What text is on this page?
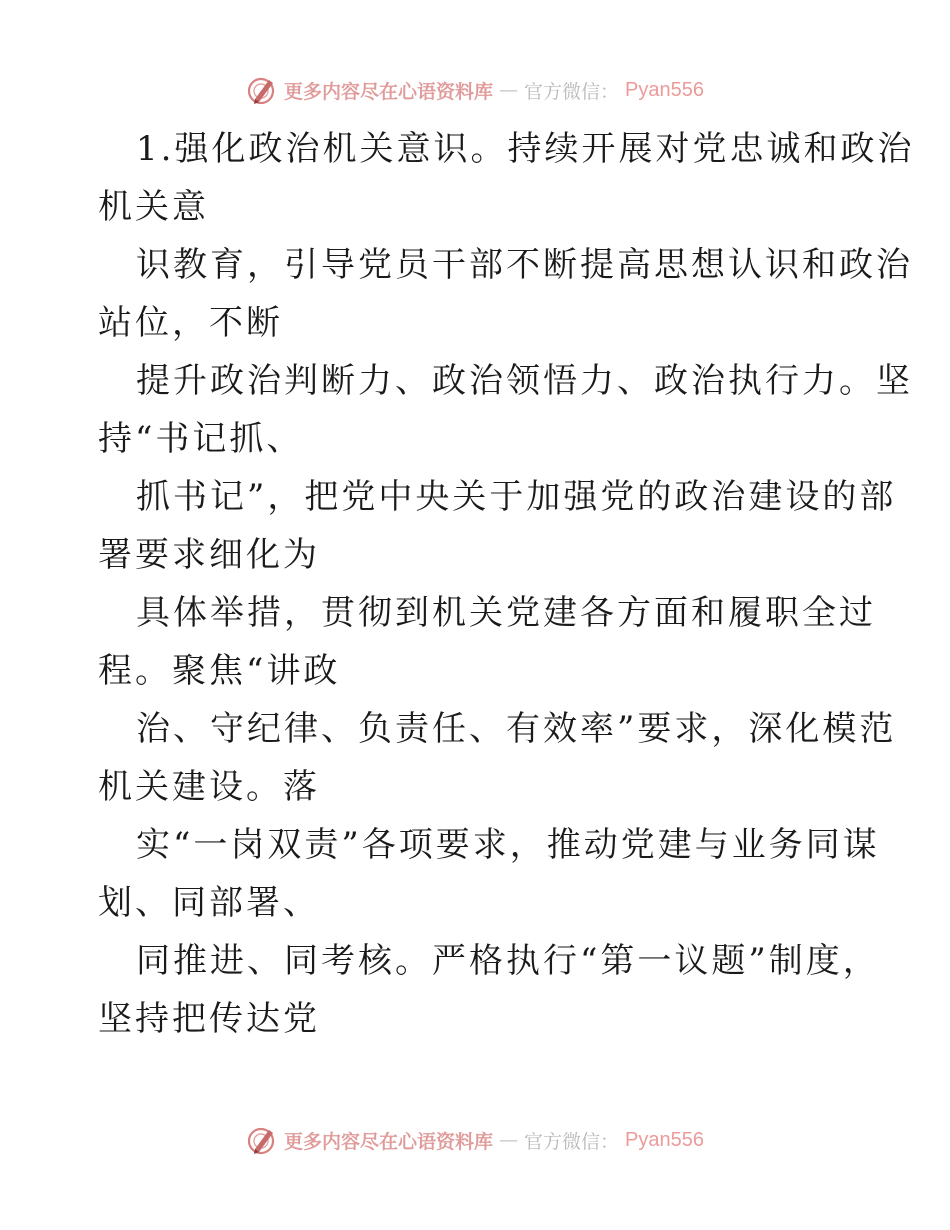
更多内容尽在心语资料库 — 官方微信： Pyan556

1.强化政治机关意识。持续开展对党忠诚和政治

机关意

识教育，引导党员干部不断提高思想认识和政治

站位，不断

提升政治判断力、政治领悟力、政治执行力。坚

持“书记抓、

抓书记”，把党中央关于加强党的政治建设的部

署要求细化为

具体举措，贯彻到机关党建各方面和履职全过

程。聚焦“讲政

治、守纪律、负责任、有效率”要求，深化模范

机关建设。落

实“一岗双责”各项要求，推动党建与业务同谋

划、同部署、

同推进、同考核。严格执行“第一议题”制度，

坚持把传达党

更多内容尽在心语资料库 — 官方微信： Pyan556
